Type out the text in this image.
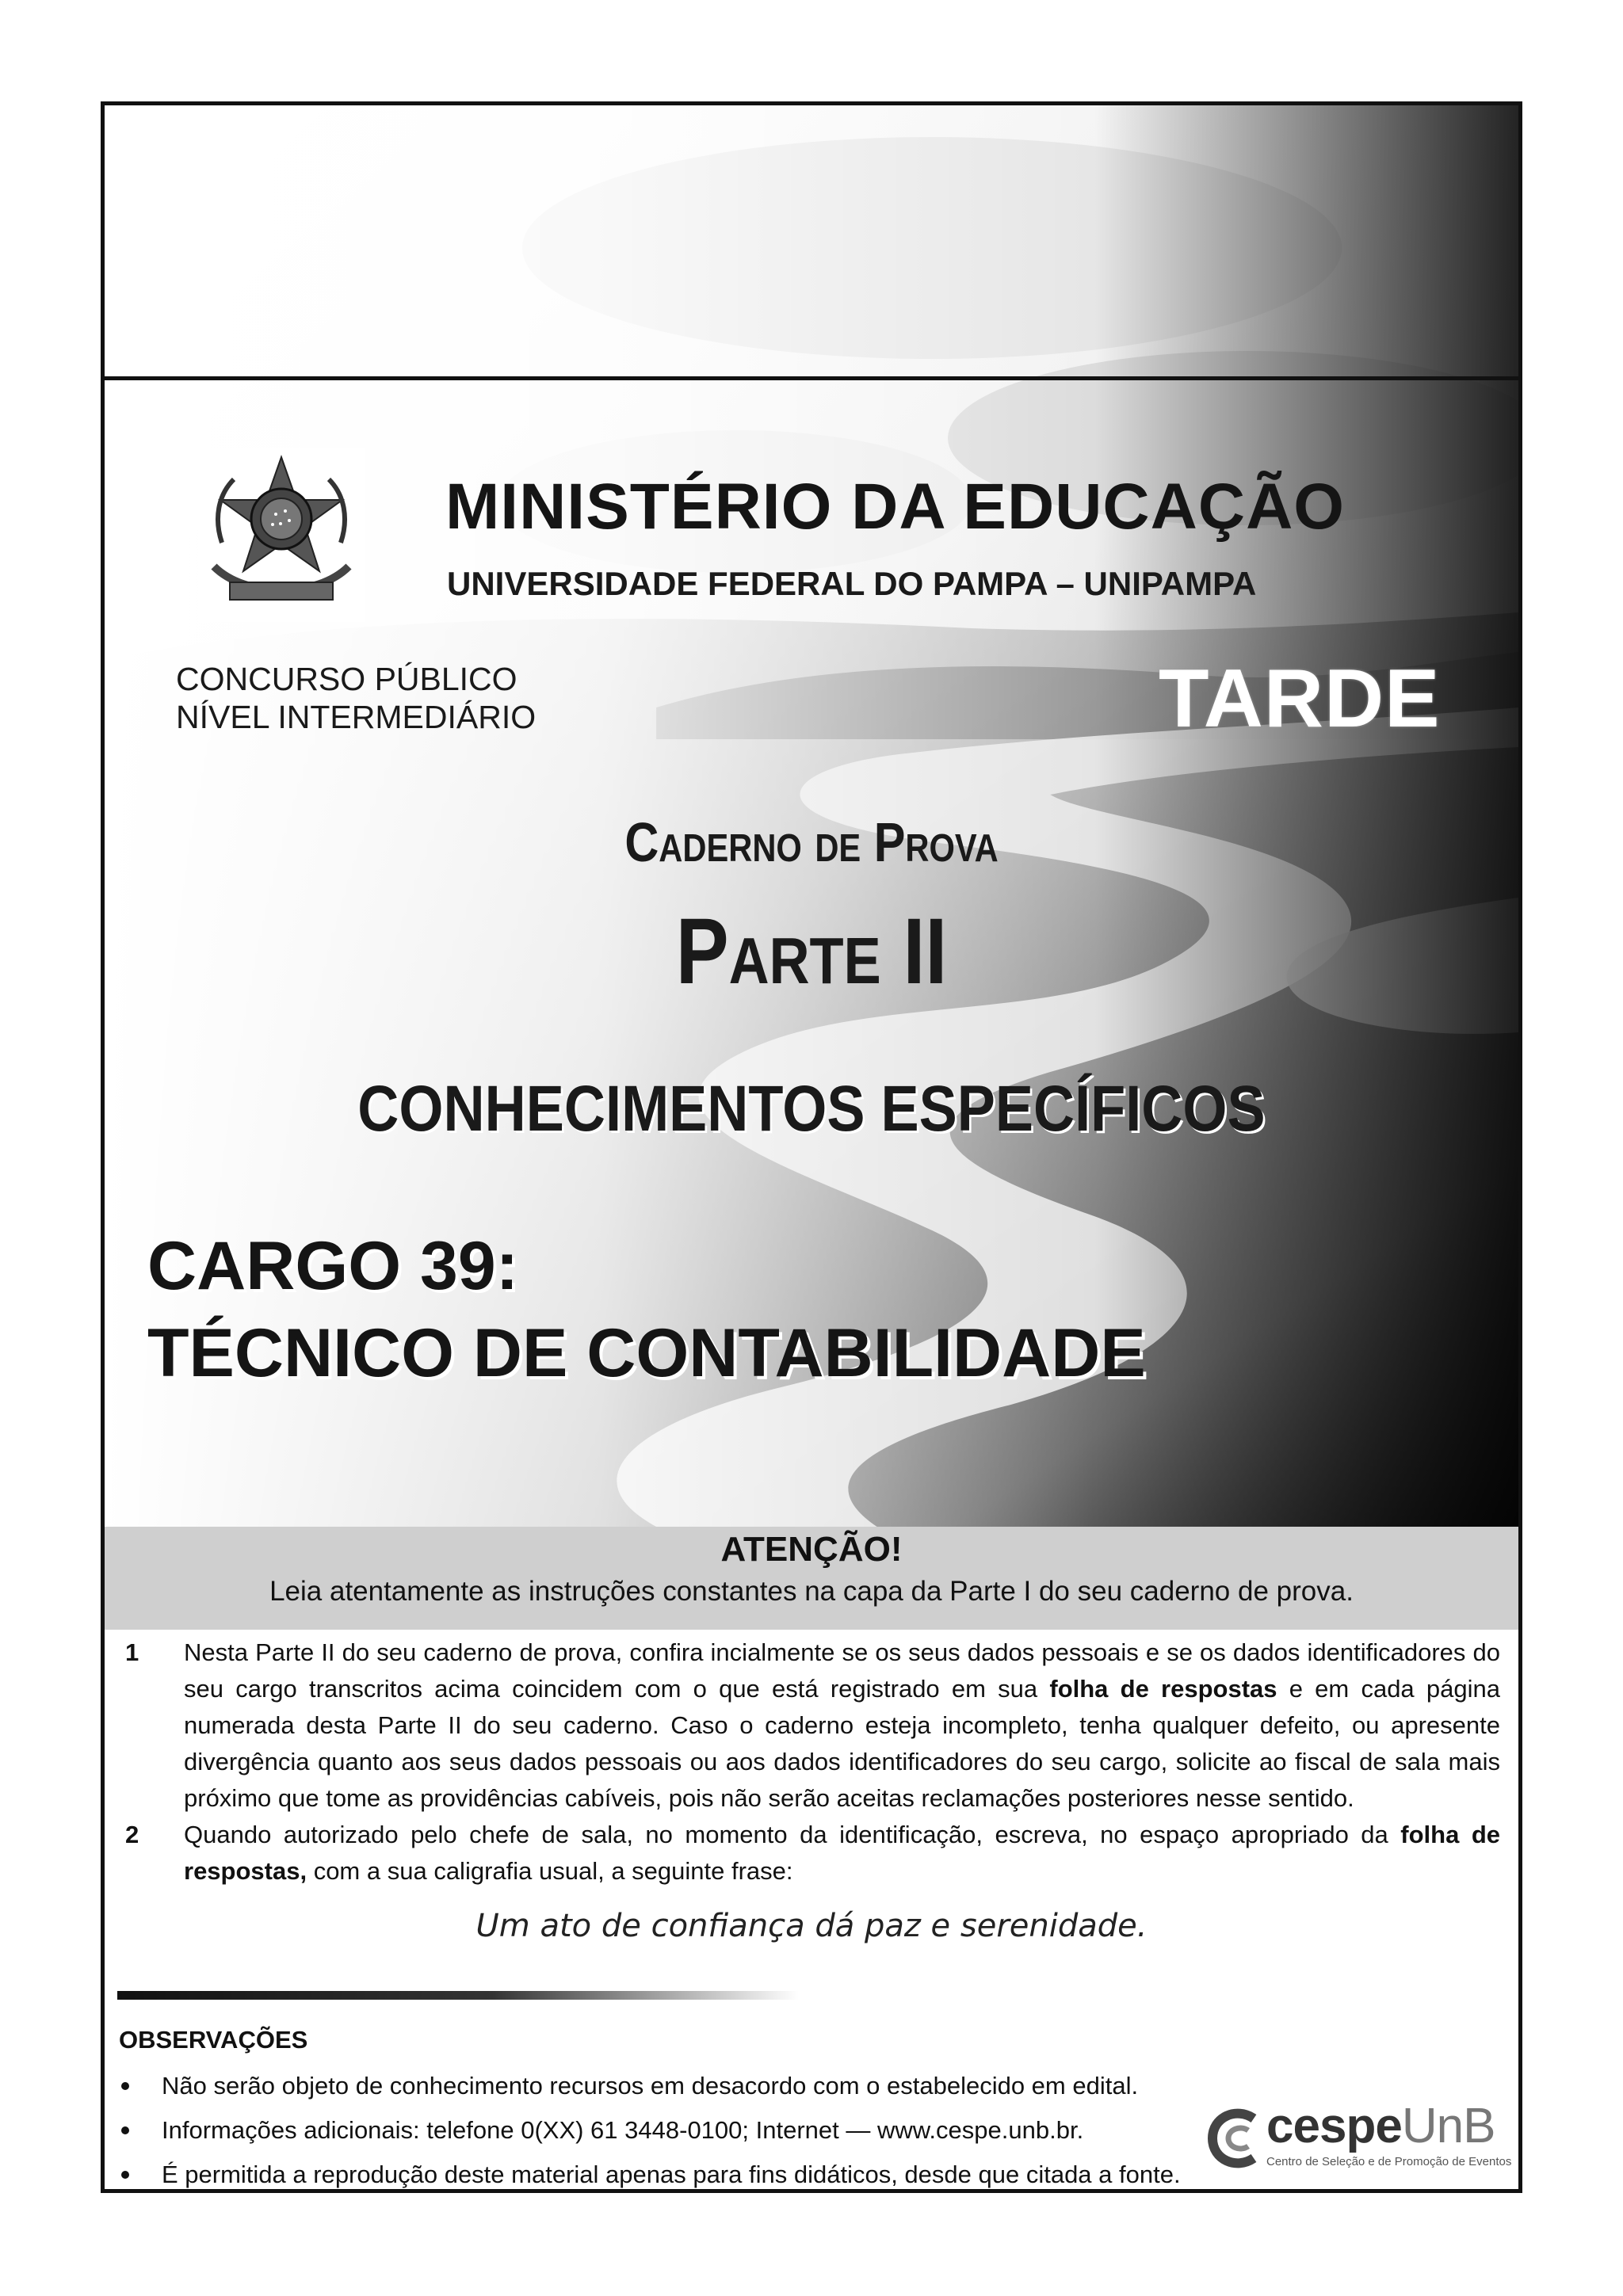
MINISTÉRIO DA EDUCAÇÃO
UNIVERSIDADE FEDERAL DO PAMPA – UNIPAMPA
CONCURSO PÚBLICO
NÍVEL INTERMEDIÁRIO	TARDE
Caderno de Prova
Parte II
CONHECIMENTOS ESPECÍFICOS
CARGO 39:
TÉCNICO DE CONTABILIDADE
ATENÇÃO!
Leia atentamente as instruções constantes na capa da Parte I do seu caderno de prova.
1	Nesta Parte II do seu caderno de prova, confira incialmente se os seus dados pessoais e se os dados identificadores do seu cargo transcritos acima coincidem com o que está registrado em sua folha de respostas e em cada página numerada desta Parte II do seu caderno. Caso o caderno esteja incompleto, tenha qualquer defeito, ou apresente divergência quanto aos seus dados pessoais ou aos dados identificadores do seu cargo, solicite ao fiscal de sala mais próximo que tome as providências cabíveis, pois não serão aceitas reclamações posteriores nesse sentido.
2	Quando autorizado pelo chefe de sala, no momento da identificação, escreva, no espaço apropriado da folha de respostas, com a sua caligrafia usual, a seguinte frase:
Um ato de confiança dá paz e serenidade.
OBSERVAÇÕES
Não serão objeto de conhecimento recursos em desacordo com o estabelecido em edital.
Informações adicionais: telefone 0(XX) 61 3448-0100; Internet — www.cespe.unb.br.
É permitida a reprodução deste material apenas para fins didáticos, desde que citada a fonte.
cespeUnB
Centro de Seleção e de Promoção de Eventos
